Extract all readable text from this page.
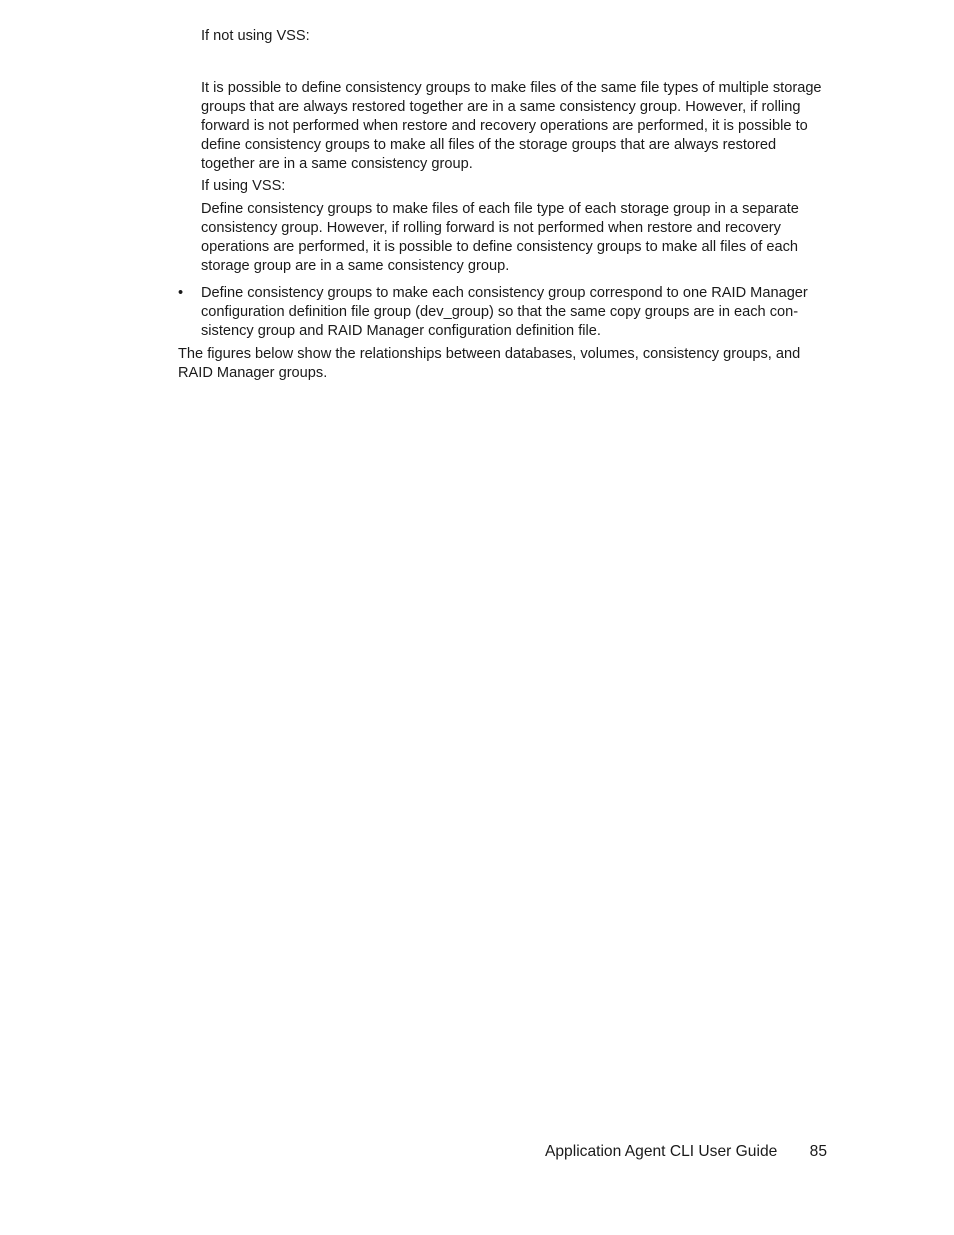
If not using VSS:

It is possible to define consistency groups to make files of the same file types of multiple storage groups that are always restored together are in a same consistency group. However, if rolling forward is not performed when restore and recovery operations are performed, it is possible to define consistency groups to make all files of the storage groups that are always restored together are in a same consistency group.

If using VSS:

Define consistency groups to make files of each file type of each storage group in a separate consistency group. However, if rolling forward is not performed when restore and recovery operations are performed, it is possible to define consistency groups to make all files of each storage group are in a same consistency group.

•	Define consistency groups to make each consistency group correspond to one RAID Manager configuration definition file group (dev_group) so that the same copy groups are in each con-sistency group and RAID Manager configuration definition file.

The figures below show the relationships between databases, volumes, consistency groups, and RAID Manager groups.

Application Agent CLI User Guide 85
